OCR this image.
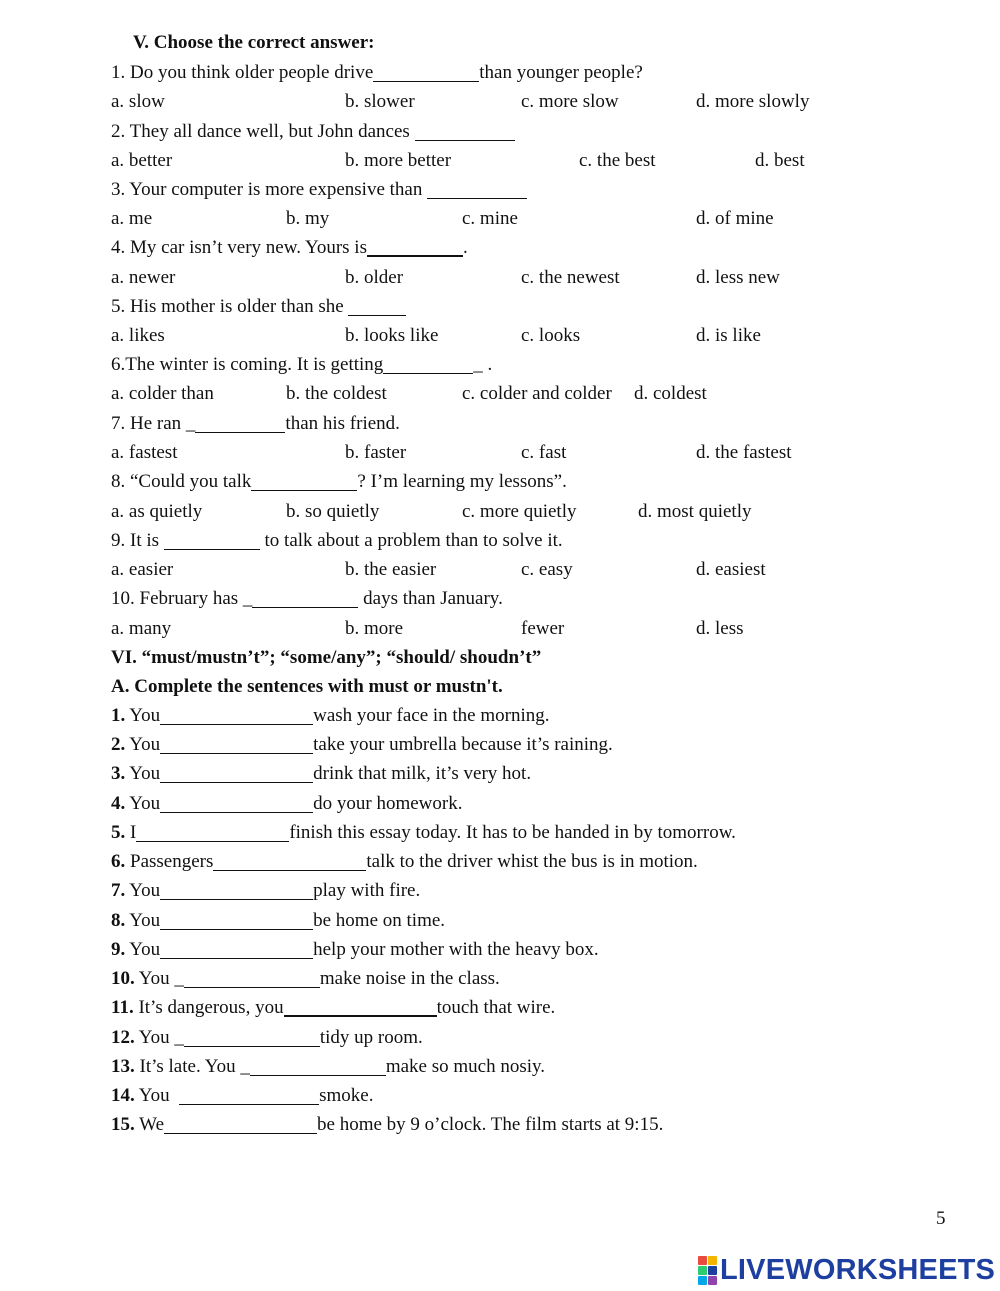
V. Choose the correct answer:
1. Do you think older people drive	than younger people?
a. slow	b. slower	c. more slow	d. more slowly
2. They all dance well, but John dances
a. better	b. more better	c. the best	d. best
3. Your computer is more expensive than
a. me	b. my	c. mine	d. of mine
4. My car isn’t very new. Yours is	.
a. newer	b. older	c. the newest	d. less new
5. His mother is older than she
a. likes	b. looks like	c. looks	d. is like
6.The winter is coming. It is getting	_ .
a. colder than	b. the coldest	c. colder and colder d. coldest
7. He ran _	than his friend.
a. fastest	b. faster	c. fast	d. the fastest
8. “Could you talk	? I’m learning my lessons”.
a. as quietly	b. so quietly	c. more quietly	d. most quietly
9. It is	to talk about a problem than to solve it.
a. easier	b. the easier	c. easy	d. easiest
10. February has _	days than January.
a. many	b. more	fewer	d. less
VI. “must/mustn’t”; “some/any”; “should/ shoudn’t”
A. Complete the sentences with must or mustn't.
1. You	wash your face in the morning.
2. You	take your umbrella because it’s raining.
3. You	drink that milk, it’s very hot.
4. You	do your homework.
5. I	finish this essay today. It has to be handed in by tomorrow.
6. Passengers	talk to the driver whist the bus is in motion.
7. You	play with fire.
8. You	be home on time.
9. You	help your mother with the heavy box.
10. You _	make noise in the class.
11. It’s dangerous, you	touch that wire.
12. You _	tidy up room.
13. It’s late. You _	make so much nosiy.
14. You	smoke.
15. We	be home by 9 o’clock. The film starts at 9:15.
5
LIVEWORKSHEETS
